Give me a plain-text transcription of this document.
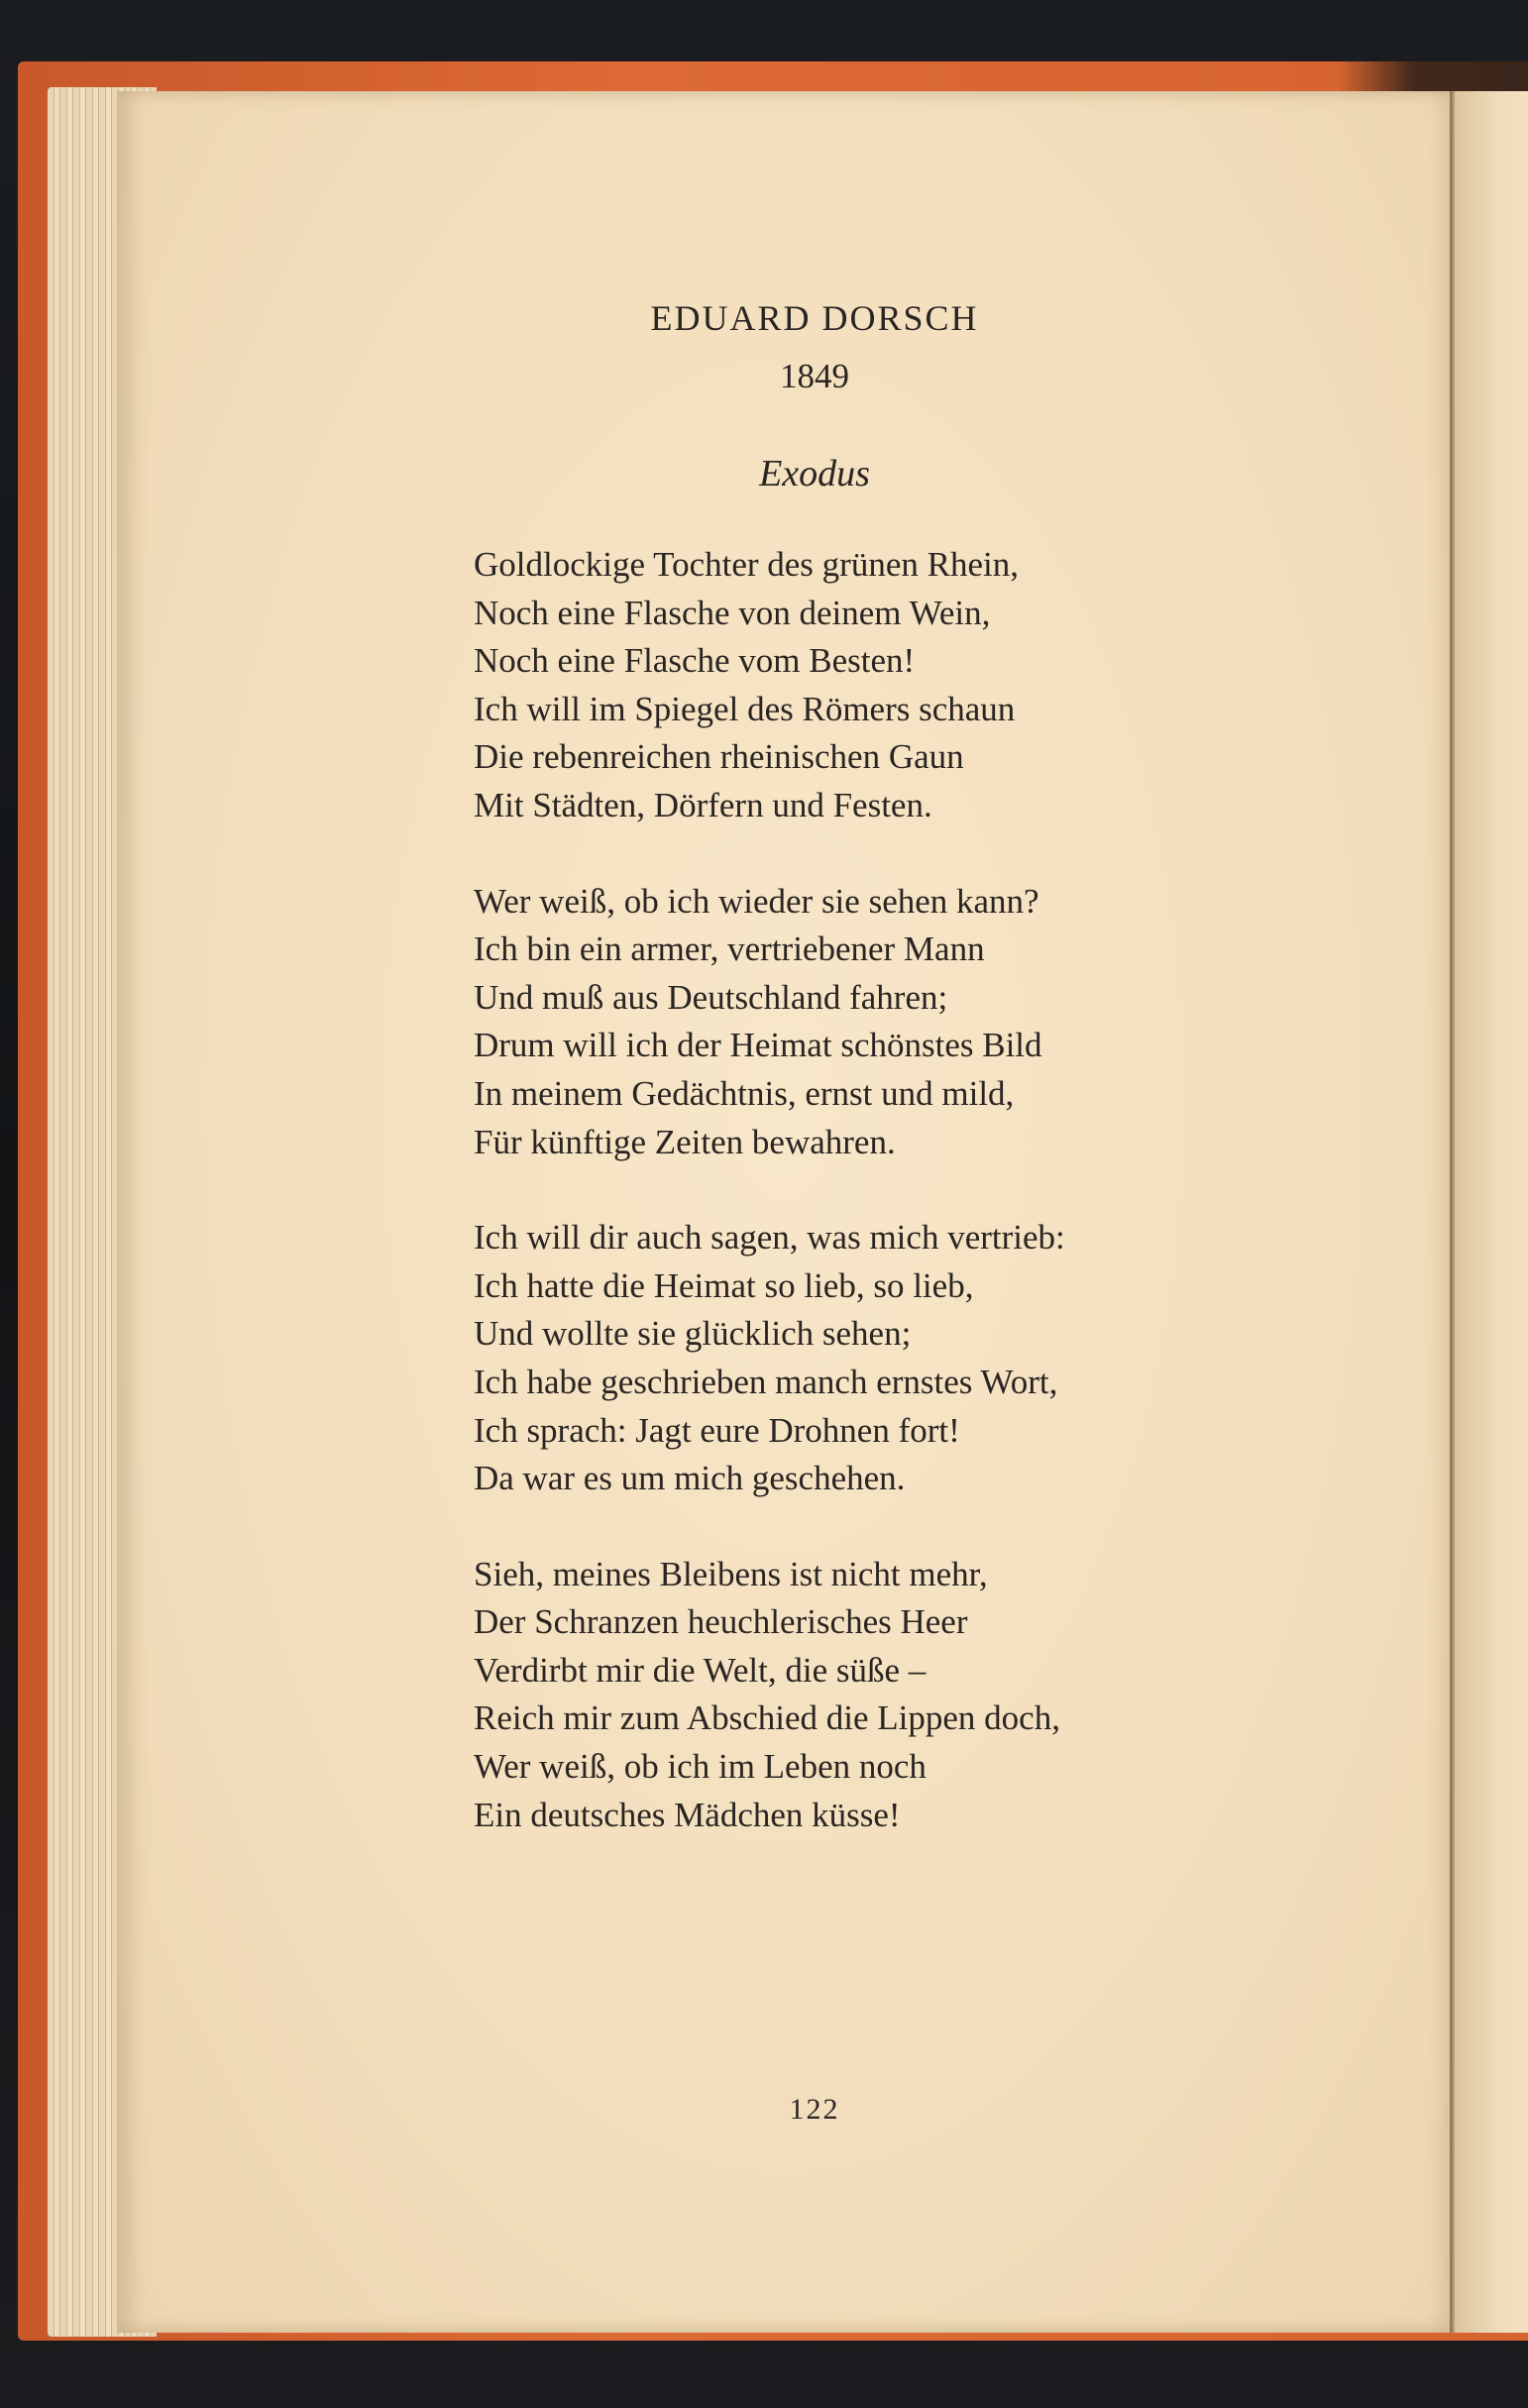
EDUARD DORSCH
1849
Exodus
Goldlockige Tochter des grünen Rhein,
Noch eine Flasche von deinem Wein,
Noch eine Flasche vom Besten!
Ich will im Spiegel des Römers schaun
Die rebenreichen rheinischen Gaun
Mit Städten, Dörfern und Festen.
Wer weiß, ob ich wieder sie sehen kann?
Ich bin ein armer, vertriebener Mann
Und muß aus Deutschland fahren;
Drum will ich der Heimat schönstes Bild
In meinem Gedächtnis, ernst und mild,
Für künftige Zeiten bewahren.
Ich will dir auch sagen, was mich vertrieb:
Ich hatte die Heimat so lieb, so lieb,
Und wollte sie glücklich sehen;
Ich habe geschrieben manch ernstes Wort,
Ich sprach: Jagt eure Drohnen fort!
Da war es um mich geschehen.
Sieh, meines Bleibens ist nicht mehr,
Der Schranzen heuchlerisches Heer
Verdirbt mir die Welt, die süße –
Reich mir zum Abschied die Lippen doch,
Wer weiß, ob ich im Leben noch
Ein deutsches Mädchen küsse!
122
